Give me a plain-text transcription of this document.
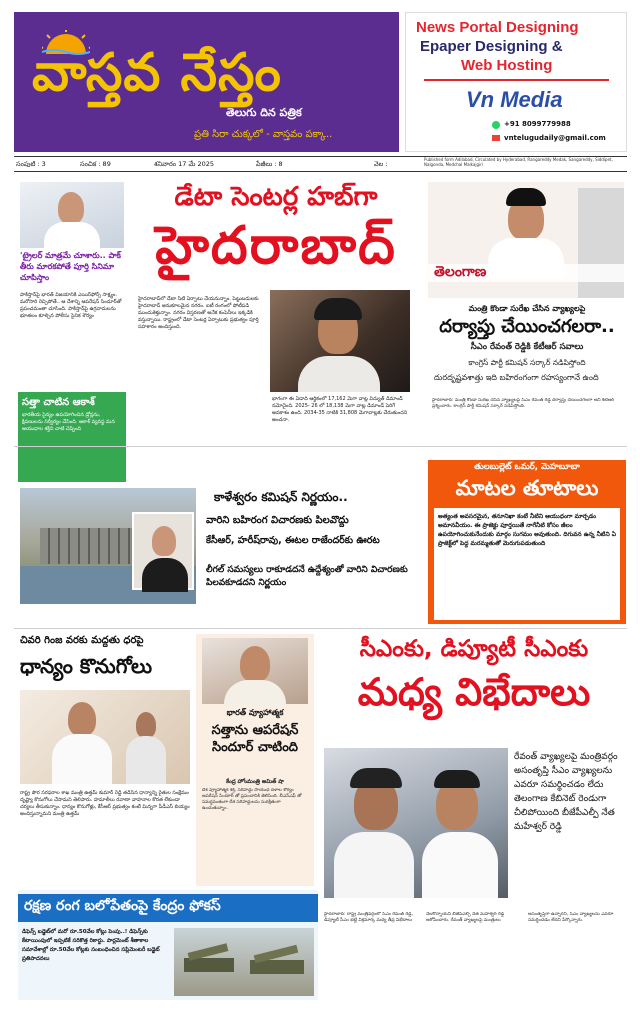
వాస్తవ నేస్తం
తెలుగు దిన పత్రిక
ప్రతి సిరా చుక్కలో - వాస్తవం పక్కా..
News Portal Designing
Epaper Designing &
Web Hosting
Vn Media
+91 8099779988
vntelugudaily@gmail.com
సంపుటి : 3	సంచిక : 89	శనివారం 17 మే 2025	పేజీలు : 8	వెల :
Published form Adilabad, Circulated by Hyderabad, Rangareddy Medak, Sangareddy, Siddipet, Nalgonda, Medchal Malkajgiri
'ట్రైలర్ మాత్రమే చూశారు.. పాక్ తీరు మారకపోతే పూర్తి సినిమా చూపిస్తాం
పాకిస్తాన్‌పై భారత్ విజయానికి ఎయిర్‌ఫోర్స్ సాక్ష్యం. మరోసారి రెచ్చిపోతే.. ఆ దేశాన్ని ఆపరేషన్ సిందూర్‌తో ప్రపంచమంతా చూసింది. పాకిస్తాన్‌పై ఉగ్రవాదులను భూతలం కూల్చిన పోలీసు సైనిక శౌర్యం
సత్తా చాటిన ఆకాశ్
భారతీయ సైన్యం ఉపయోగించిన డ్రోన్లను, క్షిపణులను నిర్వీర్యం చేసింది. ఆకాశ్ వ్యవస్థ మన ఆయుధాల శక్తిని చాటి చెప్పింది
డేటా సెంటర్ల హబ్‌గా
హైదరాబాద్
హైదరాబాద్‌లో డేటా సిటీ ఏర్పాటు చేయనున్నాం. పెట్టుబడులకు హైదరాబాద్ అనుకూలమైన నగరం. ఐటీ రంగంలో పోటీపడి ముందుకెళ్తున్నాం. నగరం విస్తరణతో అనేక కంపెనీలు ఇక్కడికి వస్తున్నాయి. రాష్ట్రంలో డేటా సెంటర్ల ఏర్పాటుకు ప్రభుత్వం పూర్తి సహకారం అందిస్తుంది.
భాగంగా ఈ ఏడాది ఆర్థికంలో 17,162 మెగా వాట్ల విద్యుత్ డిమాండ్ నమోదైంది. 2025- 26 లో 18,138 మెగా వాట్ల డిమాండ్ పెరిగే అవకాశం ఉంది. 2034-35 నాటికి 31,808 మెగావాట్లకు చేరుతుందని అంచనా.
తెలంగాణ
మంత్రి కొండా సురేఖ చేసిన వ్యాఖ్యలపై
దర్యాప్తు చేయించగలరా..
సీఎం రేవంత్ రెడ్డికి కేటీఆర్ సవాలు
కాంగ్రెస్ పార్టీ కమిషన్ సర్కార్ నడిపిస్తోంది
దురదృష్టవశాత్తు ఇది బహిరంగంగా రహస్యంగానే ఉంది
హైదరాబాద్: మంత్రి కొండా సురేఖ చేసిన వ్యాఖ్యలపై సీఎం రేవంత్ రెడ్డి దర్యాప్తు చేయించగలరా అని కేటీఆర్ ప్రశ్నించారు. కాంగ్రెస్ పార్టీ కమిషన్ సర్కార్ నడిపిస్తోంది.
కాళేశ్వరం కమిషన్ నిర్ణయం..
వారిని బహిరంగ విచారణకు పిలవొద్దు
కేసీఆర్, హరీష్‌రావు, ఈటల రాజేందర్‌కు ఊరట
లీగల్ సమస్యలు రాకూడదనే ఉద్దేశ్యంతో వారిని విచారణకు పిలవకూడదని నిర్ణయం
తులబుల్లెట్ ఒమర్, మెహబూబా
మాటల తూటాలు
అత్యంత అవసరమైన, తనూనిఖా కంటే నీటిని ఆయుధంగా మార్చడం అమానవీయం. ఈ ప్రాజెక్టు పూర్తయితే నాగేనీటి కోసం జీలం ఉపయోగించుకునేందుకు మార్గం సుగమం అవుతుంది. దిగువన ఉన్న నీటిని ఏ ప్రాజెక్ట్‌లో పెద్ద మరమ్మతుతో మెరుగుపడుతుంది
చివరి గింజ వరకు మద్దతు ధరపై
ధాన్యం కొనుగోలు
రాష్ట్ర పౌర సరఫరాల శాఖ మంత్రి ఉత్తమ్ కుమార్ రెడ్డి తడిసిన ధాన్యాన్ని రైతుల సంక్షేమం దృష్ట్యా కొనుగోలు చేసామని తెలిపారు. హమాలీలు రవాణా వాహనాల కొరత లేకుండా చర్యలు తీసుకున్నాం. ధాన్యం కొనుగోళ్లు, కేసీఆర్ ప్రభుత్వం కంటే మిన్నగా పీడీఎస్ బియ్యం అందిస్తున్నామని మంత్రి ఉత్తమ్
భారత్ వ్యూహాత్మక
సత్తాను ఆపరేషన్ సిందూర్ చాటింది
కేంద్ర హోంమంత్రి అమిత్ షా
దేశ వ్యూహాత్మక శక్తి, సరిహద్దు సాయుధ దళాల శౌర్యం ఆపరేషన్ సిందూర్ తో ప్రపంచానికి తెలిసింది. బీఎస్ఎఫ్ తో సమర్థవంతంగా దేశ సరిహద్దులను సురక్షితంగా ఉంచుతున్నాం.
సీఎంకు, డిప్యూటీ సీఎంకు
మధ్య విభేదాలు
రేవంత్ వ్యాఖ్యలపై మంత్రివర్గం అసంతృప్తి సీఎం వ్యాఖ్యలను ఎవరూ సమర్థించడం లేదు తెలంగాణ కేబినెట్ రెండుగా చీలిపోయింది బీజేపీఎల్పీ నేత మహేశ్వర్ రెడ్డి
హైదరాబాద్: రాష్ట్ర మంత్రివర్గంలో సీఎం రేవంత్ రెడ్డి, డిప్యూటీ సీఎం భట్టి విక్రమార్క మధ్య తీవ్ర విభేదాలు నెలకొన్నాయని బీజేపీఎల్పీ నేత మహేశ్వర్ రెడ్డి ఆరోపించారు. రేవంత్ వ్యాఖ్యలపై మంత్రులు అసంతృప్తిగా ఉన్నారని, సీఎం వ్యాఖ్యలను ఎవరూ సమర్థించడం లేదని పేర్కొన్నారు.
రక్షణ రంగ బలోపేతంపై కేంద్రం ఫోకస్
డిఫెన్స్ బడ్జెట్‌లో మరో రూ.50వేల కోట్లు పెంపు..! డిఫెన్స్‌కు కేటాయింపులో ఇప్పటికే సరికొత్త రికార్డు. పార్లమెంట్ శీతాకాల సమావేశాల్లో రూ.50వేల కోట్లకు సంబంధించిన సప్లిమెంటరీ బడ్జెట్ ప్రతిపాదనలు
